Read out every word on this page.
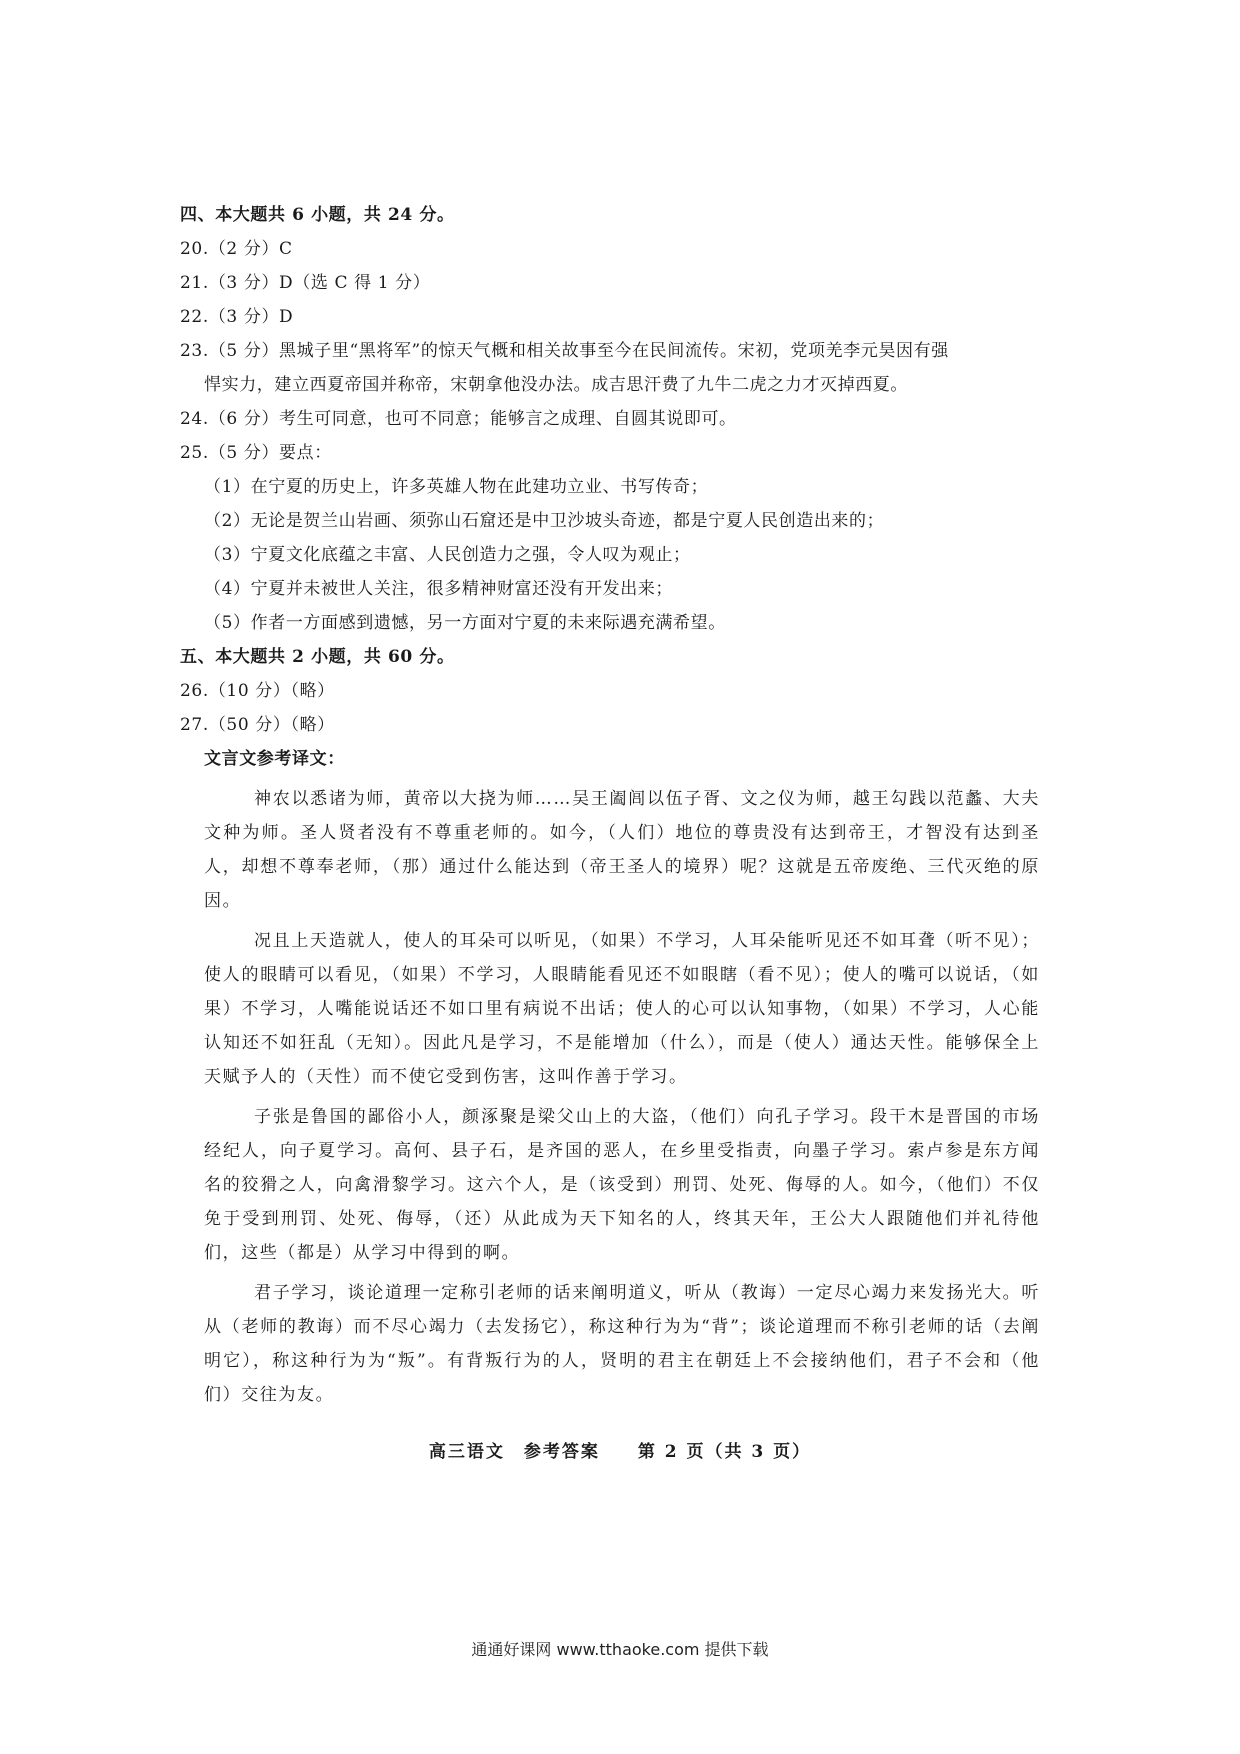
四、本大题共 6 小题，共 24 分。
20.（2 分）C
21.（3 分）D（选 C 得 1 分）
22.（3 分）D
23.（5 分）黑城子里“黑将军”的惊天气概和相关故事至今在民间流传。宋初，党项羌李元昊因有强
悍实力，建立西夏帝国并称帝，宋朝拿他没办法。成吉思汗费了九牛二虎之力才灭掉西夏。
24.（6 分）考生可同意，也可不同意；能够言之成理、自圆其说即可。
25.（5 分）要点：
（1）在宁夏的历史上，许多英雄人物在此建功立业、书写传奇；
（2）无论是贺兰山岩画、须弥山石窟还是中卫沙坡头奇迹，都是宁夏人民创造出来的；
（3）宁夏文化底蕴之丰富、人民创造力之强，令人叹为观止；
（4）宁夏并未被世人关注，很多精神财富还没有开发出来；
（5）作者一方面感到遗憾，另一方面对宁夏的未来际遇充满希望。
五、本大题共 2 小题，共 60 分。
26.（10 分）（略）
27.（50 分）（略）
文言文参考译文：

神农以悉诸为师，黄帝以大挠为师……吴王阖闾以伍子胥、文之仪为师，越王勾践以范蠡、大夫文种为师。圣人贤者没有不尊重老师的。如今，（人们）地位的尊贵没有达到帝王，才智没有达到圣人，却想不尊奉老师，（那）通过什么能达到（帝王圣人的境界）呢？这就是五帝废绝、三代灭绝的原因。

况且上天造就人，使人的耳朵可以听见，（如果）不学习，人耳朵能听见还不如耳聋（听不见）；使人的眼睛可以看见，（如果）不学习，人眼睛能看见还不如眼瞎（看不见）；使人的嘴可以说话，（如果）不学习，人嘴能说话还不如口里有病说不出话；使人的心可以认知事物，（如果）不学习，人心能认知还不如狂乱（无知）。因此凡是学习，不是能增加（什么），而是（使人）通达天性。能够保全上天赋予人的（天性）而不使它受到伤害，这叫作善于学习。

子张是鲁国的鄙俗小人，颜涿聚是梁父山上的大盗，（他们）向孔子学习。段干木是晋国的市场经纪人，向子夏学习。高何、县子石，是齐国的恶人，在乡里受指责，向墨子学习。索卢参是东方闻名的狡猾之人，向禽滑黎学习。这六个人，是（该受到）刑罚、处死、侮辱的人。如今，（他们）不仅免于受到刑罚、处死、侮辱，（还）从此成为天下知名的人，终其天年，王公大人跟随他们并礼待他们，这些（都是）从学习中得到的啊。

君子学习，谈论道理一定称引老师的话来阐明道义，听从（教诲）一定尽心竭力来发扬光大。听从（老师的教诲）而不尽心竭力（去发扬它），称这种行为为“背”；谈论道理而不称引老师的话（去阐明它），称这种行为为“叛”。有背叛行为的人，贤明的君主在朝廷上不会接纳他们，君子不会和（他们）交往为友。

高三语文　参考答案　　第 2 页（共 3 页）
通通好课网 www.tthaoke.com 提供下载
